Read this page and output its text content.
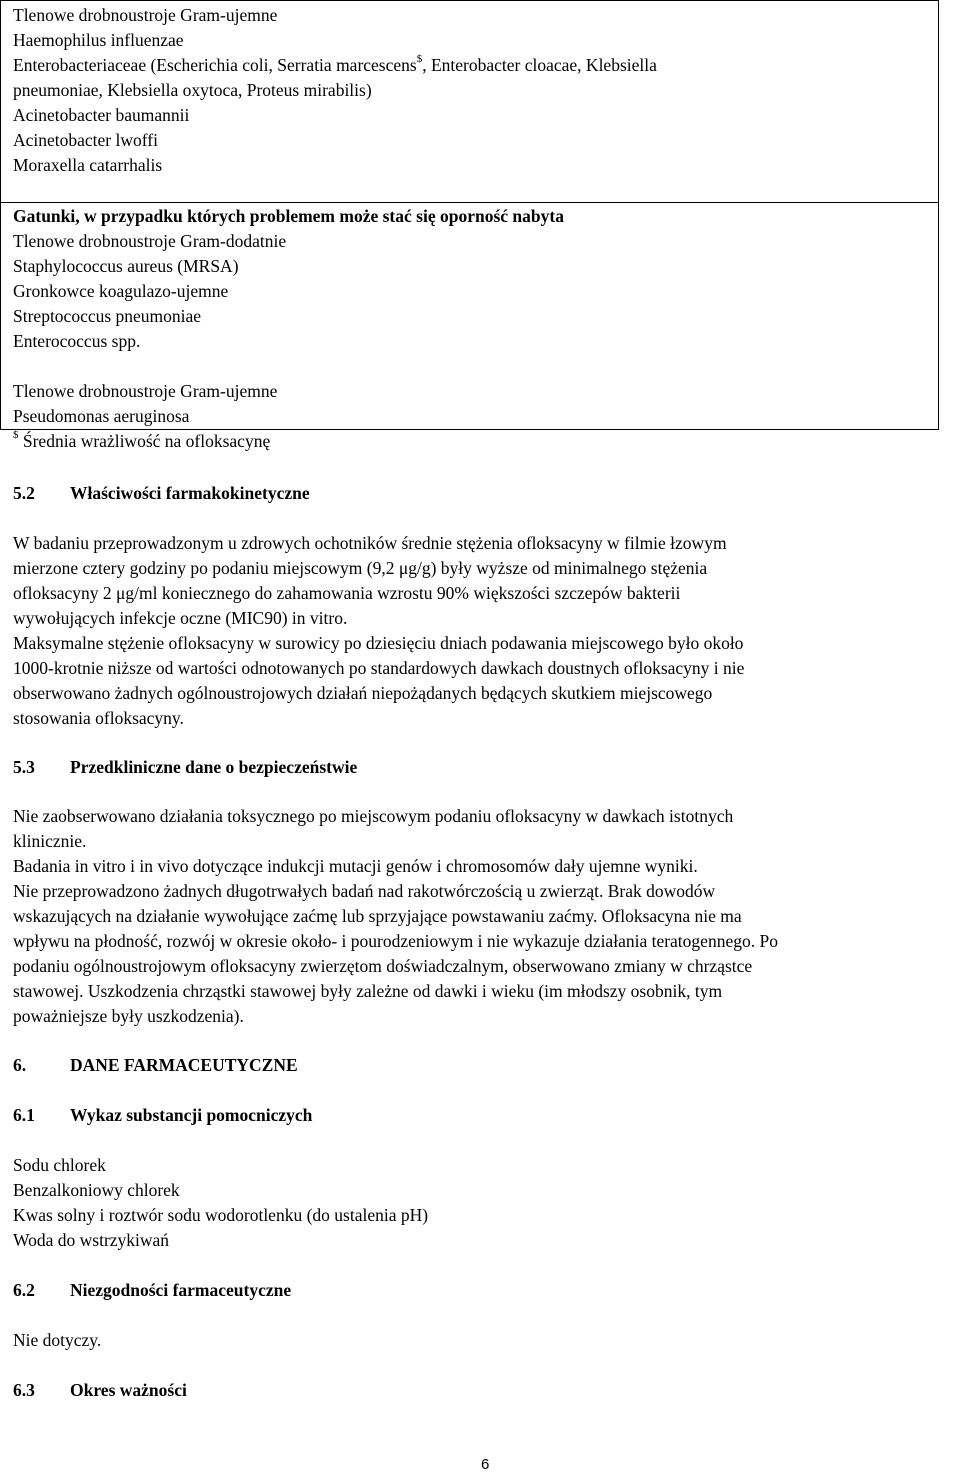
Tlenowe drobnoustroje Gram-ujemne
Haemophilus influenzae
Enterobacteriaceae (Escherichia coli, Serratia marcescens$, Enterobacter cloacae, Klebsiella
pneumoniae, Klebsiella oxytoca, Proteus mirabilis)
Acinetobacter baumannii
Acinetobacter lwoffi
Moraxella catarrhalis
Gatunki, w przypadku których problemem może stać się oporność nabyta
Tlenowe drobnoustroje Gram-dodatnie
Staphylococcus aureus (MRSA)
Gronkowce koagulazo-ujemne
Streptococcus pneumoniae
Enterococcus spp.
Tlenowe drobnoustroje Gram-ujemne
Pseudomonas aeruginosa
$ Średnia wrażliwość na ofloksacynę
5.2 Właściwości farmakokinetyczne
W badaniu przeprowadzonym u zdrowych ochotników średnie stężenia ofloksacyny w filmie łzowym
mierzone cztery godziny po podaniu miejscowym (9,2 μg/g) były wyższe od minimalnego stężenia
ofloksacyny 2 μg/ml koniecznego do zahamowania wzrostu 90% większości szczepów bakterii
wywołujących infekcje oczne (MIC90) in vitro.
Maksymalne stężenie ofloksacyny w surowicy po dziesięciu dniach podawania miejscowego było około
1000-krotnie niższe od wartości odnotowanych po standardowych dawkach doustnych ofloksacyny i nie
obserwowano żadnych ogólnoustrojowych działań niepożądanych będących skutkiem miejscowego
stosowania ofloksacyny.
5.3 Przedkliniczne dane o bezpieczeństwie
Nie zaobserwowano działania toksycznego po miejscowym podaniu ofloksacyny w dawkach istotnych
klinicznie.
Badania in vitro i in vivo dotyczące indukcji mutacji genów i chromosomów dały ujemne wyniki.
Nie przeprowadzono żadnych długotrwałych badań nad rakotwórczością u zwierząt. Brak dowodów
wskazujących na działanie wywołujące zaćmę lub sprzyjające powstawaniu zaćmy. Ofloksacyna nie ma
wpływu na płodność, rozwój w okresie około- i pourodzeniowym i nie wykazuje działania teratogennego. Po
podaniu ogólnoustrojowym ofloksacyny zwierzętom doświadczalnym, obserwowano zmiany w chrząstce
stawowej. Uszkodzenia chrząstki stawowej były zależne od dawki i wieku (im młodszy osobnik, tym
poważniejsze były uszkodzenia).
6.	DANE FARMACEUTYCZNE
6.1 Wykaz substancji pomocniczych
Sodu chlorek
Benzalkoniowy chlorek
Kwas solny i roztwór sodu wodorotlenku (do ustalenia pH)
Woda do wstrzykiwań
6.2 Niezgodności farmaceutyczne
Nie dotyczy.
6.3 Okres ważności
6
